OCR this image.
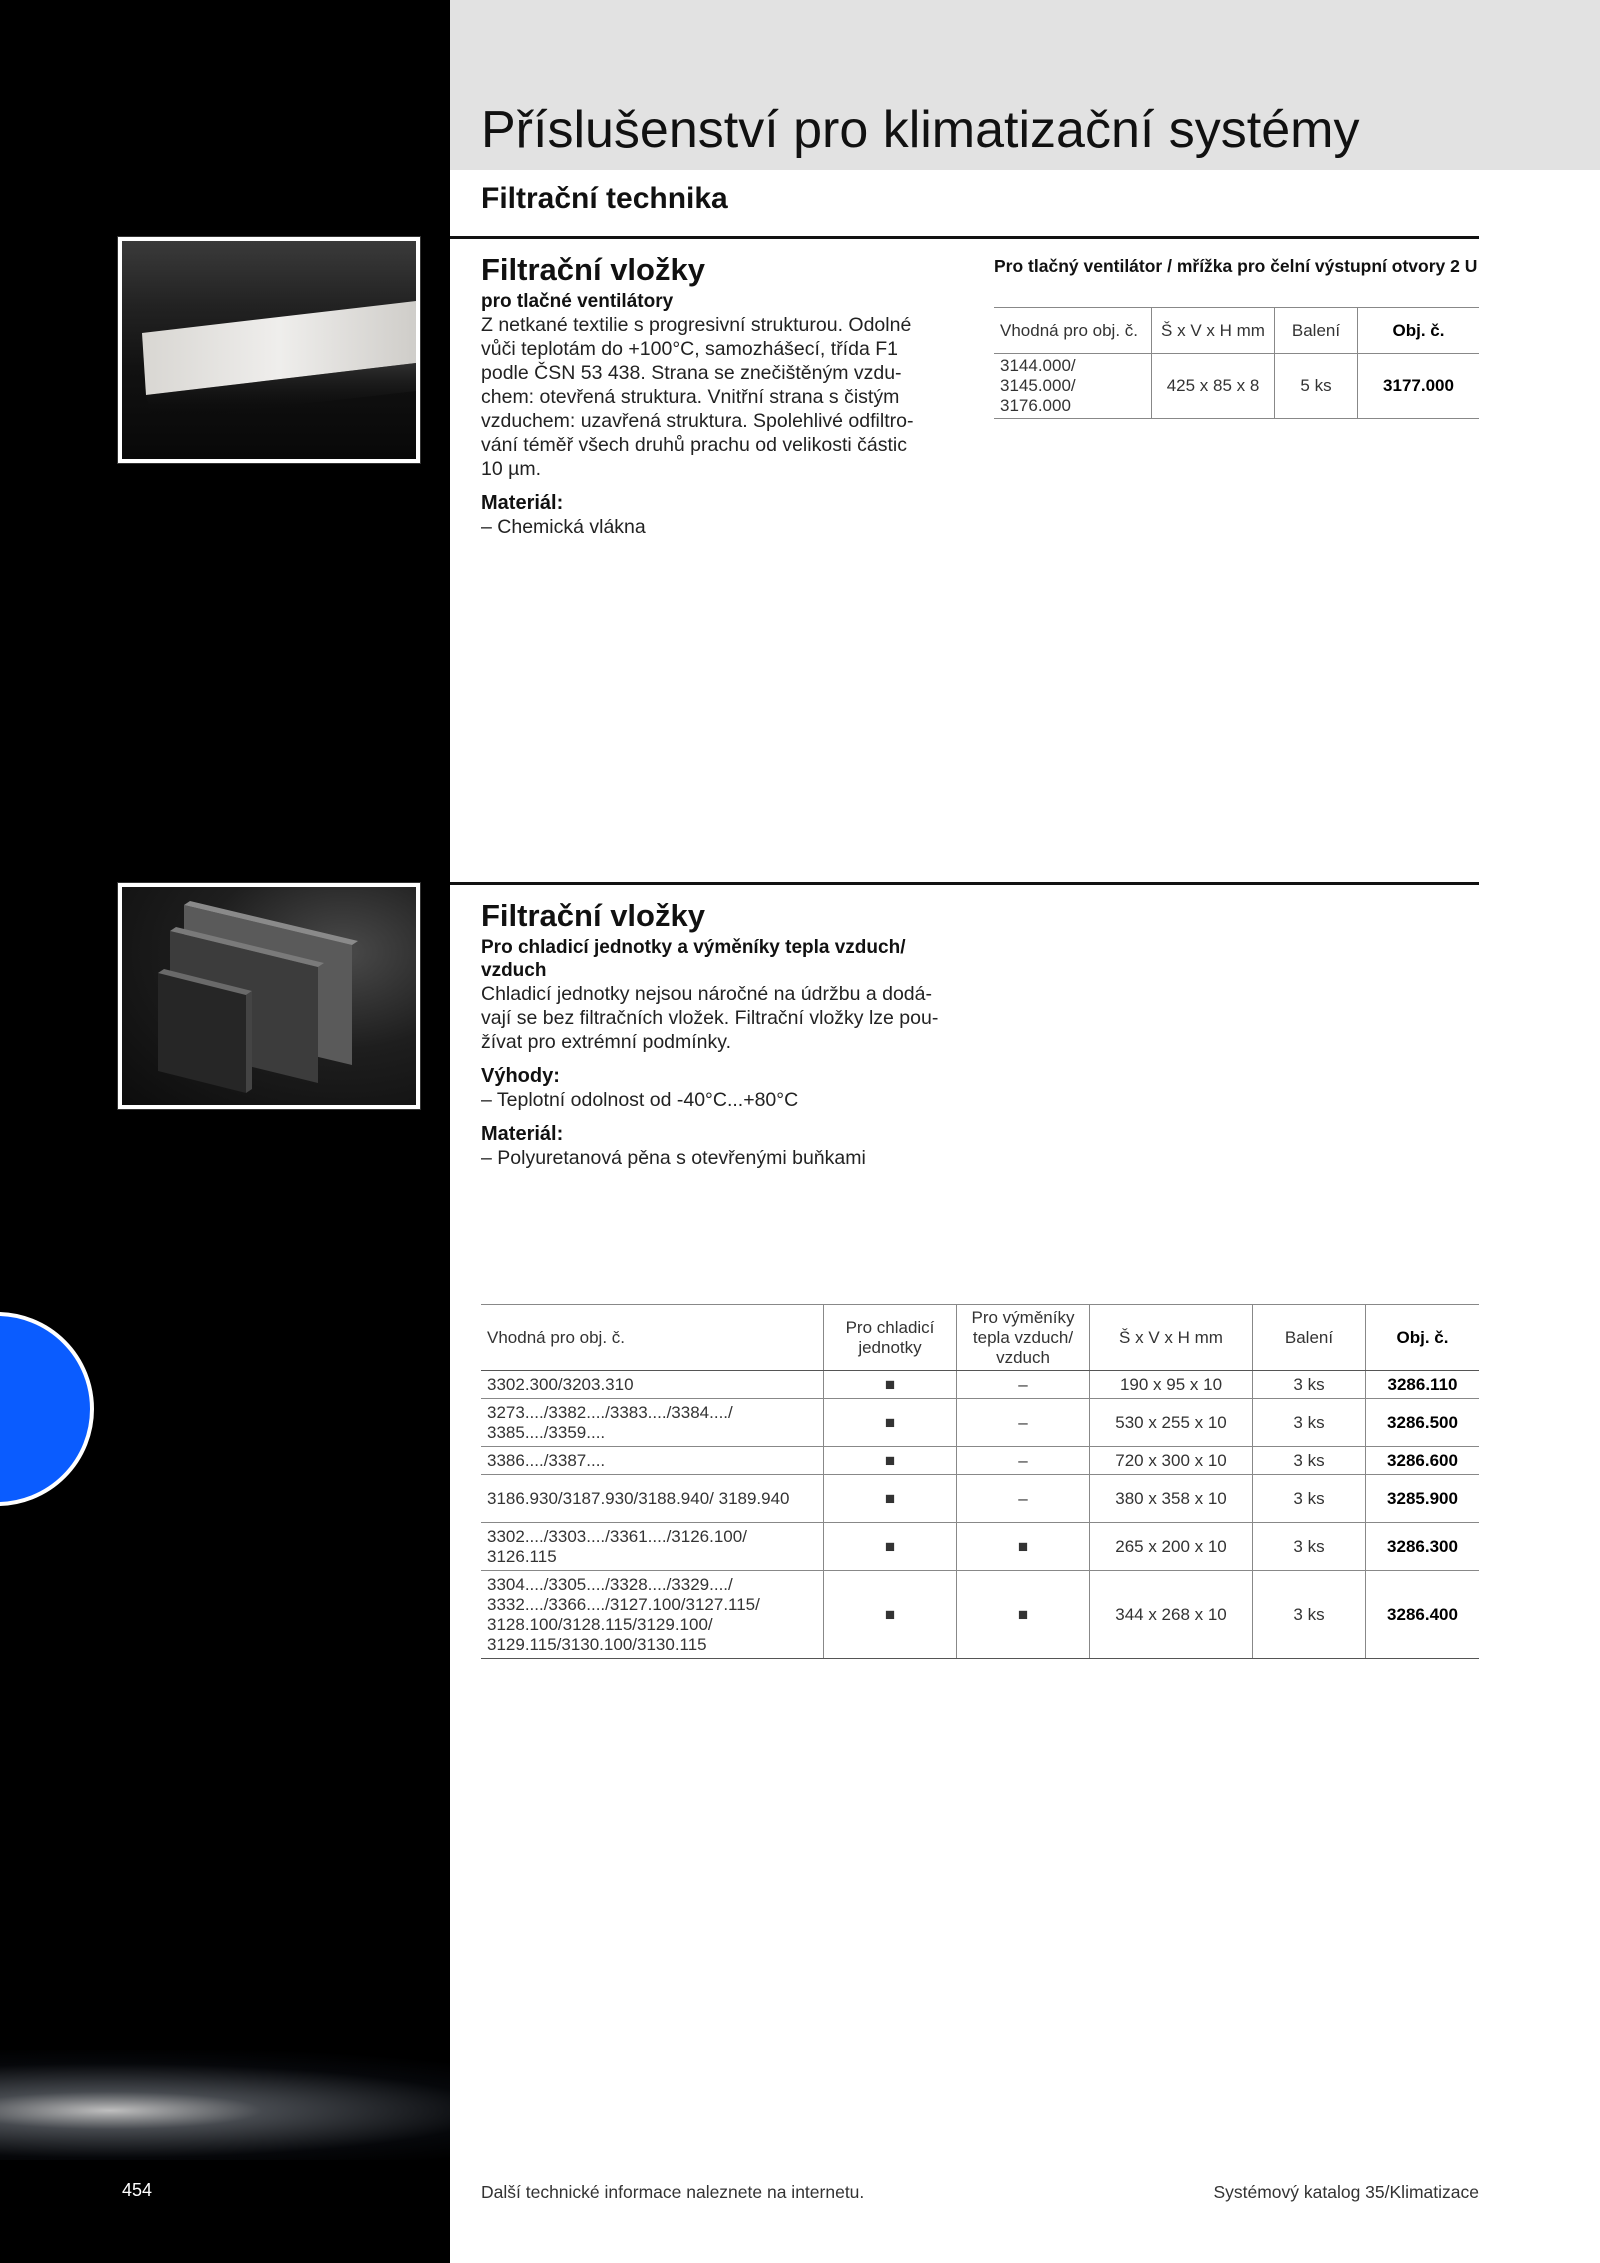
454
Příslušenství pro klimatizační systémy
Filtrační technika

Filtrační vložky

pro tlačné ventilátory

Z netkané textilie s progresivní strukturou. Odolné
vůči teplotám do +100°C, samozhášecí, třída F1
podle ČSN 53 438. Strana se znečištěným vzdu-
chem: otevřená struktura. Vnitřní strana s čistým
vzduchem: uzavřená struktura. Spolehlivé odfiltro-
vání téměř všech druhů prachu od velikosti částic
10 µm.

Materiál:

– Chemická vlákna

Pro tlačný ventilátor / mřížka pro čelní výstupní otvory 2 U

Vhodná pro obj. č.	Š x V x H mm	Balení	Obj. č.
3144.000/ 3145.000/ 3176.000	425 x 85 x 8	5 ks	3177.000

Filtrační vložky

Pro chladicí jednotky a výměníky tepla vzduch/ vzduch

Chladicí jednotky nejsou náročné na údržbu a dodá-
vají se bez filtračních vložek. Filtrační vložky lze pou-
žívat pro extrémní podmínky.

Výhody:

– Teplotní odolnost od -40°C...+80°C

Materiál:

– Polyuretanová pěna s otevřenými buňkami

Vhodná pro obj. č.	Pro chladicí jednotky	Pro výměníky tepla vzduch/ vzduch	Š x V x H mm	Balení	Obj. č.
3302.300/3203.310	■	–	190 x 95 x 10	3 ks	3286.110
3273..../3382..../3383..../3384..../ 3385..../3359....	■	–	530 x 255 x 10	3 ks	3286.500
3386..../3387....	■	–	720 x 300 x 10	3 ks	3286.600
3186.930/3187.930/3188.940/ 3189.940	■	–	380 x 358 x 10	3 ks	3285.900
3302..../3303..../3361..../3126.100/ 3126.115	■	■	265 x 200 x 10	3 ks	3286.300
3304..../3305..../3328..../3329..../ 3332..../3366..../3127.100/3127.115/ 3128.100/3128.115/3129.100/ 3129.115/3130.100/3130.115	■	■	344 x 268 x 10	3 ks	3286.400
Další technické informace naleznete na internetu.	Systémový katalog 35/Klimatizace
